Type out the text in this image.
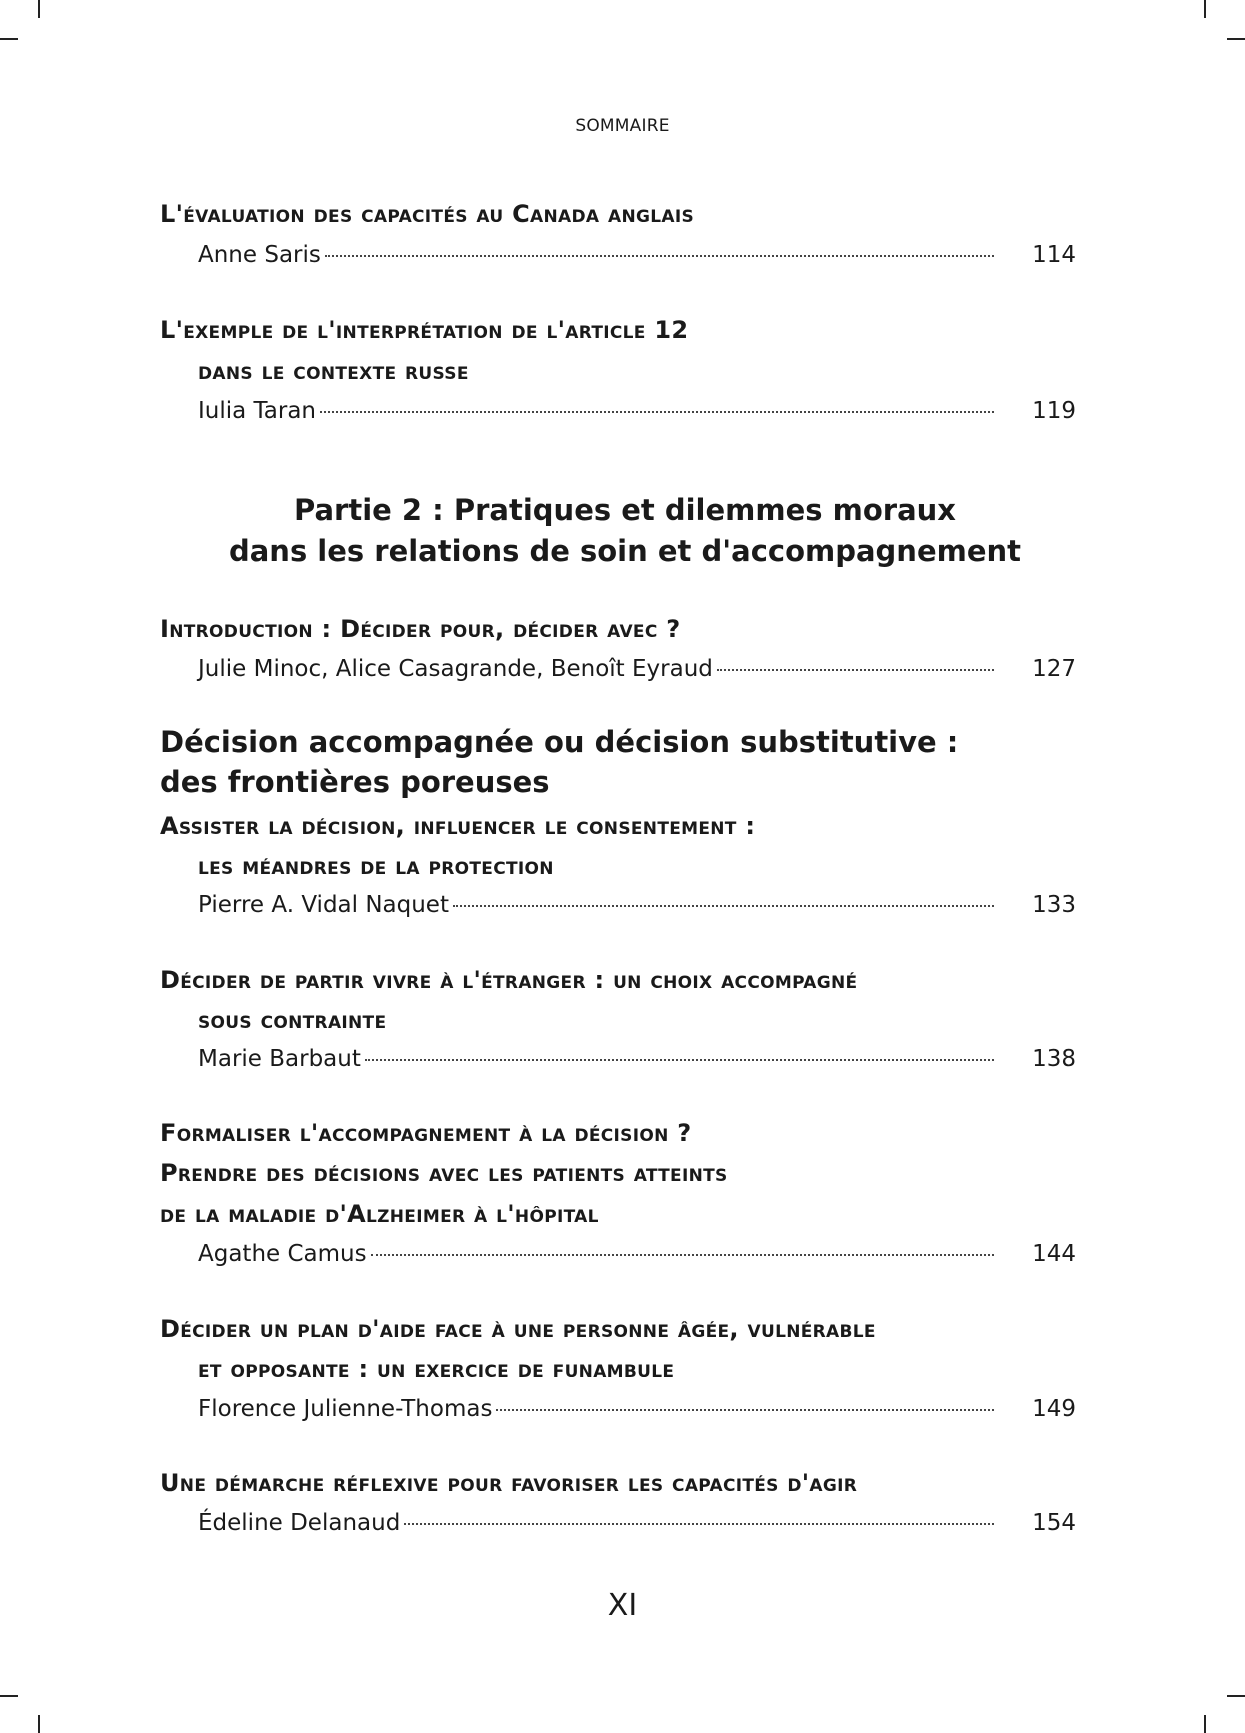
SOMMAIRE
L'évaluation des capacités au Canada anglais
Anne Saris	114
L'exemple de l'interprétation de l'article 12
dans le contexte russe
Iulia Taran	119
Partie 2 : Pratiques et dilemmes moraux
dans les relations de soin et d'accompagnement
Introduction : Décider pour, décider avec ?
Julie Minoc, Alice Casagrande, Benoît Eyraud	127
Décision accompagnée ou décision substitutive :
des frontières poreuses
Assister la décision, influencer le consentement :
les méandres de la protection
Pierre A. Vidal Naquet	133
Décider de partir vivre à l'étranger : un choix accompagné
sous contrainte
Marie Barbaut	138
Formaliser l'accompagnement à la décision ?
Prendre des décisions avec les patients atteints
de la maladie d'Alzheimer à l'hôpital
Agathe Camus	144
Décider un plan d'aide face à une personne âgée, vulnérable
et opposante : un exercice de funambule
Florence Julienne-Thomas	149
Une démarche réflexive pour favoriser les capacités d'agir
Édeline Delanaud	154
XI
